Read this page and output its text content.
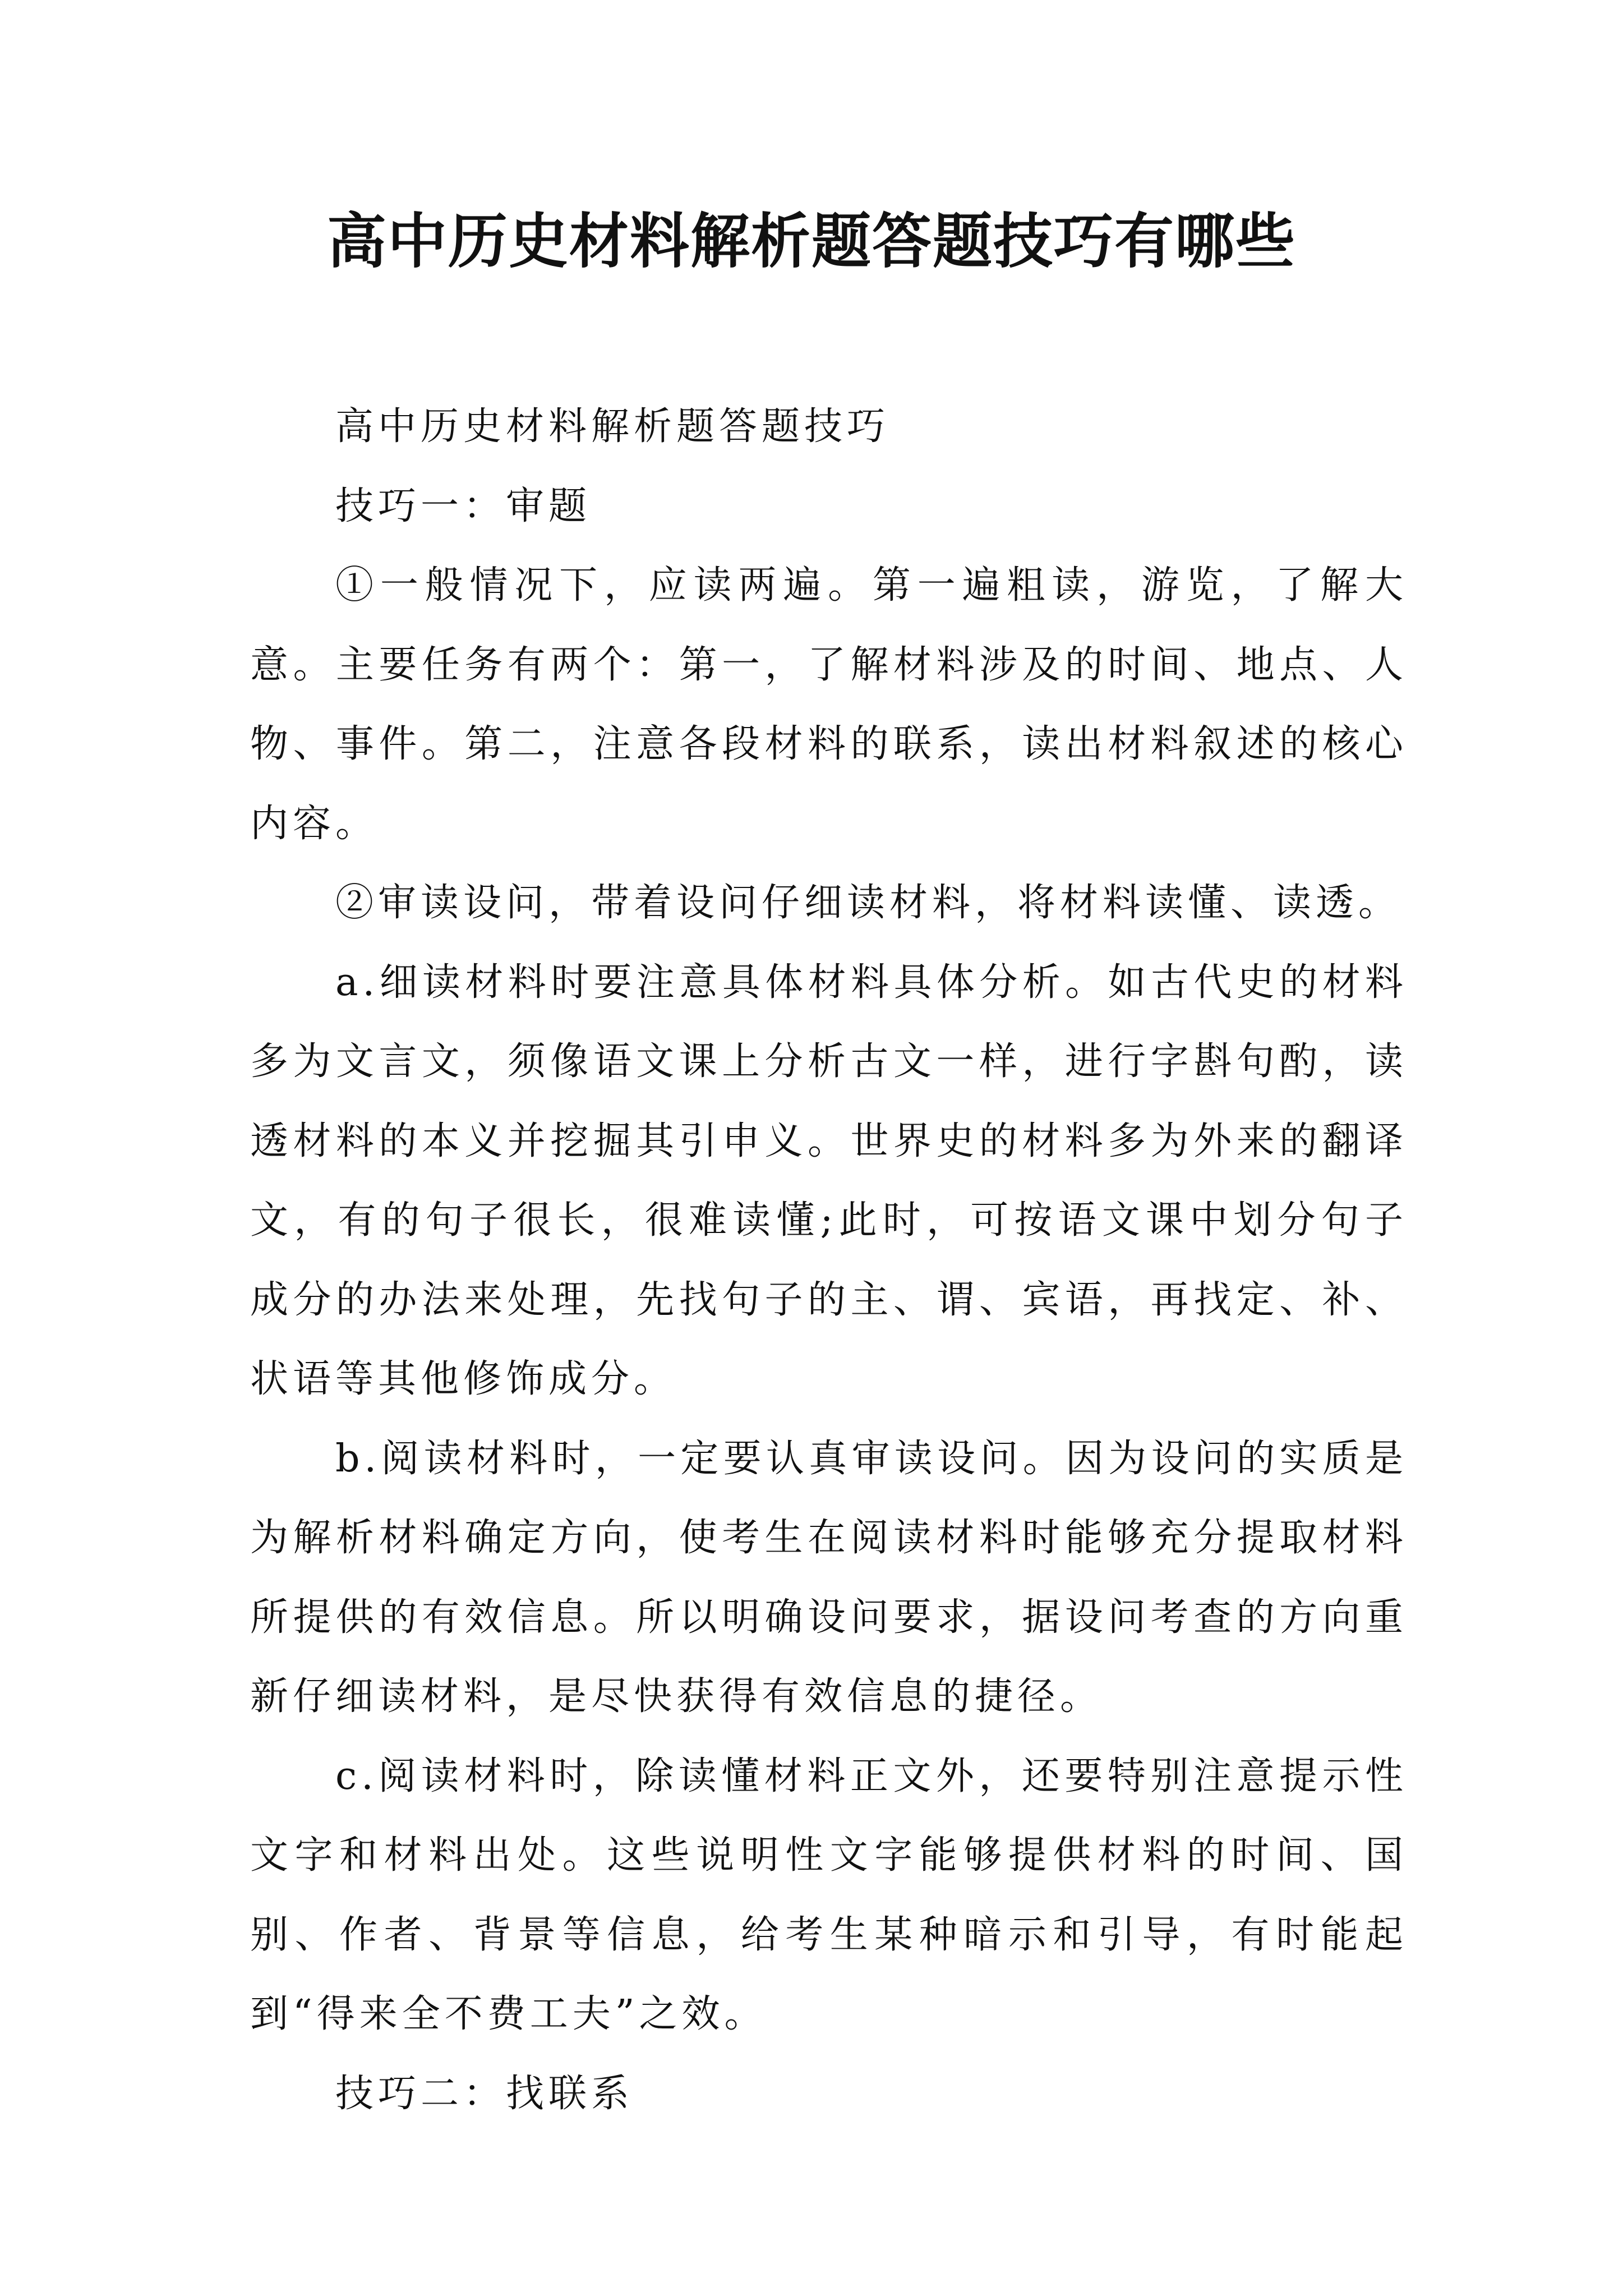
高中历史材料解析题答题技巧有哪些

高中历史材料解析题答题技巧

技巧一：审题

①一般情况下，应读两遍。第一遍粗读，游览，了解大意。主要任务有两个：第一，了解材料涉及的时间、地点、人物、事件。第二，注意各段材料的联系，读出材料叙述的核心内容。

②审读设问，带着设问仔细读材料，将材料读懂、读透。

a.细读材料时要注意具体材料具体分析。如古代史的材料多为文言文，须像语文课上分析古文一样，进行字斟句酌，读透材料的本义并挖掘其引申义。世界史的材料多为外来的翻译文，有的句子很长，很难读懂;此时，可按语文课中划分句子成分的办法来处理，先找句子的主、谓、宾语，再找定、补、状语等其他修饰成分。

b.阅读材料时，一定要认真审读设问。因为设问的实质是为解析材料确定方向，使考生在阅读材料时能够充分提取材料所提供的有效信息。所以明确设问要求，据设问考查的方向重新仔细读材料，是尽快获得有效信息的捷径。

c.阅读材料时，除读懂材料正文外，还要特别注意提示性文字和材料出处。这些说明性文字能够提供材料的时间、国别、作者、背景等信息，给考生某种暗示和引导，有时能起到“得来全不费工夫”之效。

技巧二：找联系
